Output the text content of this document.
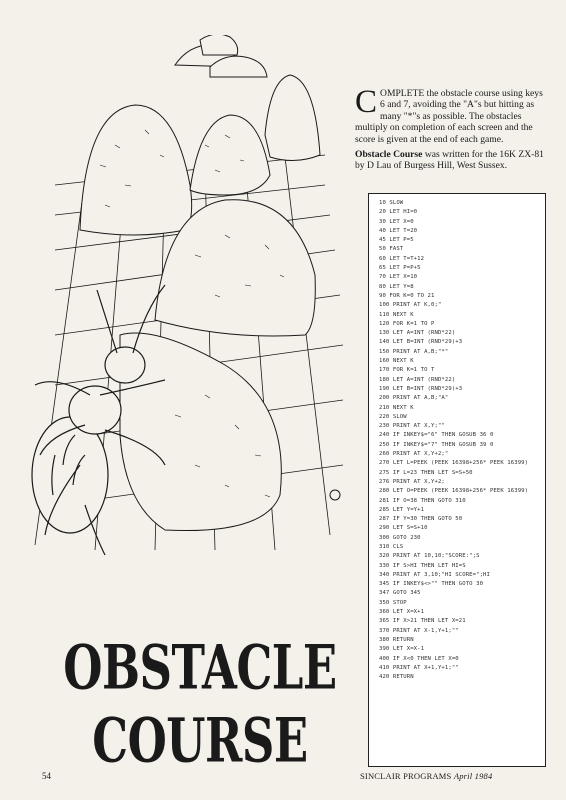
COMPLETE the obstacle course using keys 6 and 7, avoiding the "A"s but hitting as many "*"s as possible. The obstacles multiply on completion of each screen and the score is given at the end of each game.

Obstacle Course was written for the 16K ZX-81 by D Lau of Burgess Hill, West Sussex.

10 SLOW
20 LET HI=0
30 LET X=0
40 LET T=20
45 LET P=5
50 FAST
60 LET T=T+12
65 LET P=P+5
70 LET X=10
80 LET Y=8
90 FOR K=0 TO 21
100 PRINT AT K,0;"
110 NEXT K
120 FOR K=1 TO P
130 LET A=INT (RND*22)
140 LET B=INT (RND*29)+3
150 PRINT AT A,B;"*"
160 NEXT K
170 FOR K=1 TO T
180 LET A=INT (RND*22)
190 LET B=INT (RND*29)+3
200 PRINT AT A,B;"A"
210 NEXT K
220 SLOW
230 PRINT AT X,Y;""
240 IF INKEY$="6" THEN GOSUB 36 0
250 IF INKEY$="7" THEN GOSUB 39 0
260 PRINT AT X,Y+2;"
270 LET L=PEEK (PEEK 16398+256* PEEK 16399)
275 IF L=23 THEN LET S=S+50
276 PRINT AT X,Y+2;
280 LET O=PEEK (PEEK 16398+256* PEEK 16399)
281 IF O=38 THEN GOTO 310
285 LET Y=Y+1
287 IF Y=30 THEN GOTO 50
290 LET S=S+10
300 GOTO 230
310 CLS
320 PRINT AT 10,10;"SCORE:";S
330 IF S>HI THEN LET HI=S
340 PRINT AT 3,10;"HI SCORE=";HI
345 IF INKEY$<>"" THEN GOTO 30
347 GOTO 345
350 STOP
360 LET X=X+1
365 IF X>21 THEN LET X=21
370 PRINT AT X-1,Y+1;""
380 RETURN
390 LET X=X-1
400 IF X<0 THEN LET X=0
410 PRINT AT X+1,Y+1;""
420 RETURN
OBSTACLE
COURSE
54	SINCLAIR PROGRAMS April 1984
